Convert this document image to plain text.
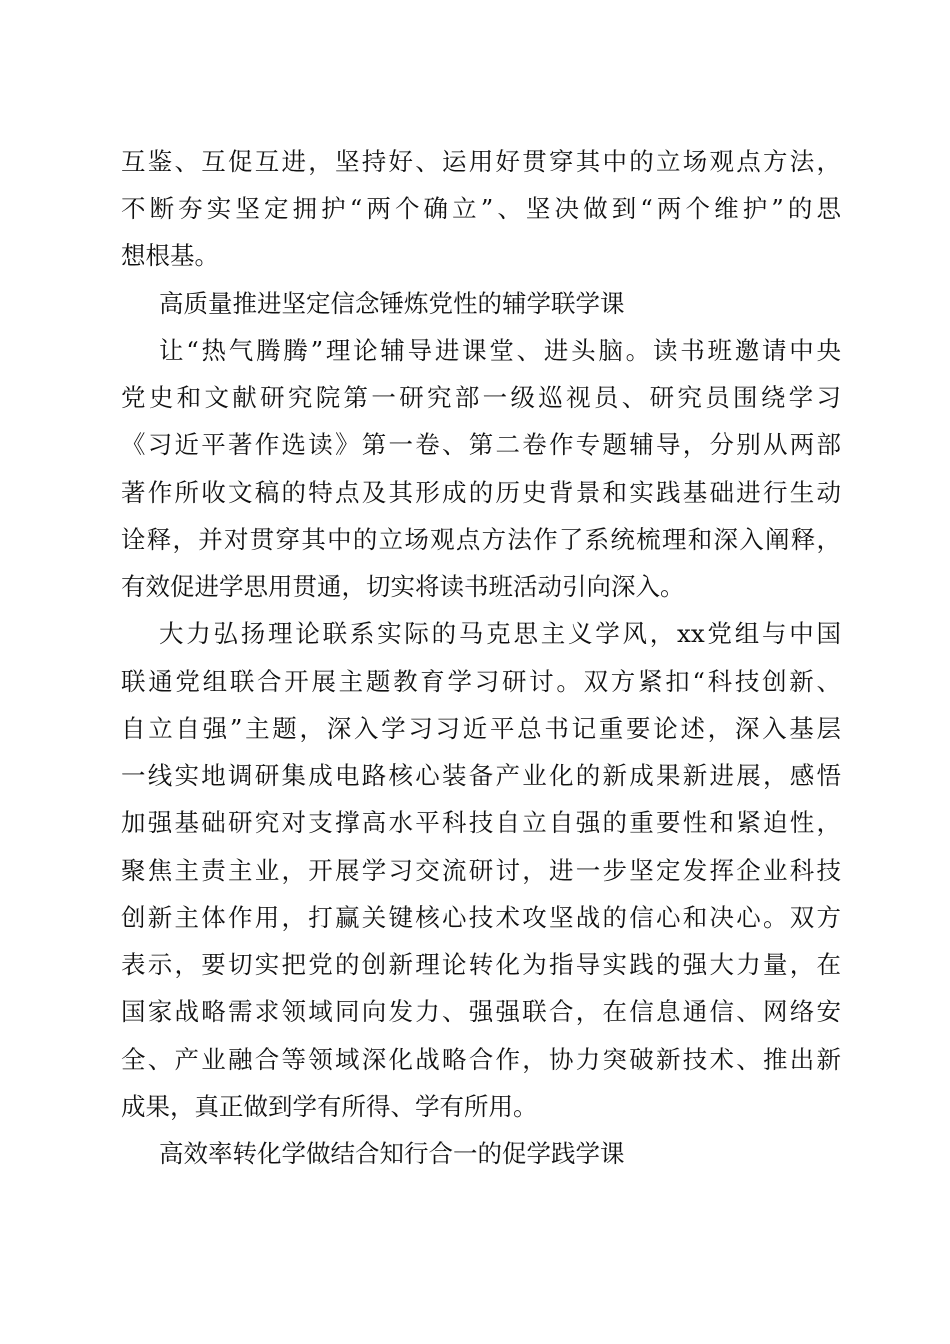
互鉴、互促互进，坚持好、运用好贯穿其中的立场观点方法，
不断夯实坚定拥护“两个确立”、坚决做到“两个维护”的思
想根基。
高质量推进坚定信念锤炼党性的辅学联学课
让“热气腾腾”理论辅导进课堂、进头脑。读书班邀请中央
党史和文献研究院第一研究部一级巡视员、研究员围绕学习
《习近平著作选读》第一卷、第二卷作专题辅导，分别从两部
著作所收文稿的特点及其形成的历史背景和实践基础进行生动
诠释，并对贯穿其中的立场观点方法作了系统梳理和深入阐释，
有效促进学思用贯通，切实将读书班活动引向深入。
大力弘扬理论联系实际的马克思主义学风，xx党组与中国
联通党组联合开展主题教育学习研讨。双方紧扣“科技创新、
自立自强”主题，深入学习习近平总书记重要论述，深入基层
一线实地调研集成电路核心装备产业化的新成果新进展，感悟
加强基础研究对支撑高水平科技自立自强的重要性和紧迫性，
聚焦主责主业，开展学习交流研讨，进一步坚定发挥企业科技
创新主体作用，打赢关键核心技术攻坚战的信心和决心。双方
表示，要切实把党的创新理论转化为指导实践的强大力量，在
国家战略需求领域同向发力、强强联合，在信息通信、网络安
全、产业融合等领域深化战略合作，协力突破新技术、推出新
成果，真正做到学有所得、学有所用。
高效率转化学做结合知行合一的促学践学课
